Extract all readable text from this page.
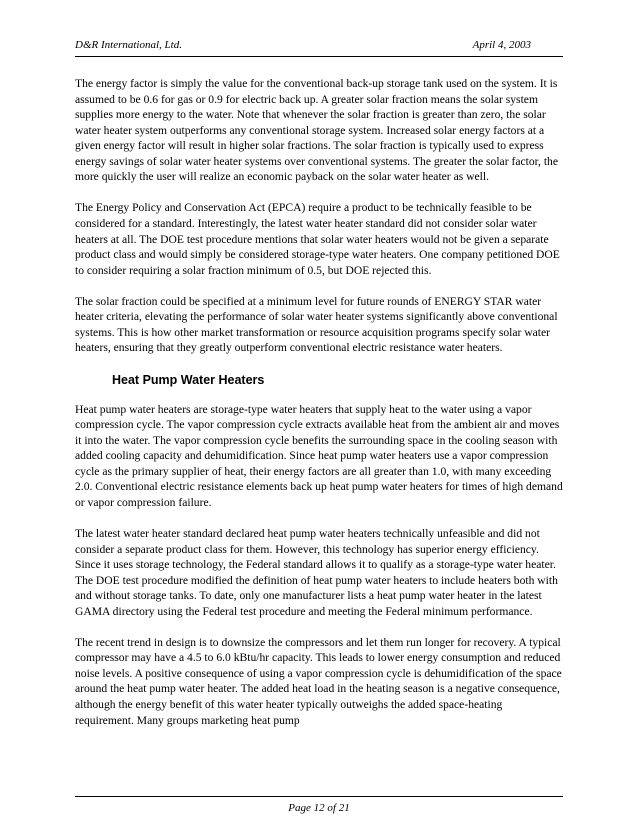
D&R International, Ltd.	April 4, 2003

The energy factor is simply the value for the conventional back-up storage tank used on the system. It is assumed to be 0.6 for gas or 0.9 for electric back up. A greater solar fraction means the solar system supplies more energy to the water. Note that whenever the solar fraction is greater than zero, the solar water heater system outperforms any conventional storage system. Increased solar energy factors at a given energy factor will result in higher solar fractions. The solar fraction is typically used to express energy savings of solar water heater systems over conventional systems. The greater the solar factor, the more quickly the user will realize an economic payback on the solar water heater as well.

The Energy Policy and Conservation Act (EPCA) require a product to be technically feasible to be considered for a standard. Interestingly, the latest water heater standard did not consider solar water heaters at all. The DOE test procedure mentions that solar water heaters would not be given a separate product class and would simply be considered storage-type water heaters. One company petitioned DOE to consider requiring a solar fraction minimum of 0.5, but DOE rejected this.

The solar fraction could be specified at a minimum level for future rounds of ENERGY STAR water heater criteria, elevating the performance of solar water heater systems significantly above conventional systems. This is how other market transformation or resource acquisition programs specify solar water heaters, ensuring that they greatly outperform conventional electric resistance water heaters.

Heat Pump Water Heaters

Heat pump water heaters are storage-type water heaters that supply heat to the water using a vapor compression cycle. The vapor compression cycle extracts available heat from the ambient air and moves it into the water. The vapor compression cycle benefits the surrounding space in the cooling season with added cooling capacity and dehumidification. Since heat pump water heaters use a vapor compression cycle as the primary supplier of heat, their energy factors are all greater than 1.0, with many exceeding 2.0. Conventional electric resistance elements back up heat pump water heaters for times of high demand or vapor compression failure.

The latest water heater standard declared heat pump water heaters technically unfeasible and did not consider a separate product class for them. However, this technology has superior energy efficiency. Since it uses storage technology, the Federal standard allows it to qualify as a storage-type water heater. The DOE test procedure modified the definition of heat pump water heaters to include heaters both with and without storage tanks. To date, only one manufacturer lists a heat pump water heater in the latest GAMA directory using the Federal test procedure and meeting the Federal minimum performance.

The recent trend in design is to downsize the compressors and let them run longer for recovery. A typical compressor may have a 4.5 to 6.0 kBtu/hr capacity. This leads to lower energy consumption and reduced noise levels. A positive consequence of using a vapor compression cycle is dehumidification of the space around the heat pump water heater. The added heat load in the heating season is a negative consequence, although the energy benefit of this water heater typically outweighs the added space-heating requirement. Many groups marketing heat pump

Page 12 of 21
